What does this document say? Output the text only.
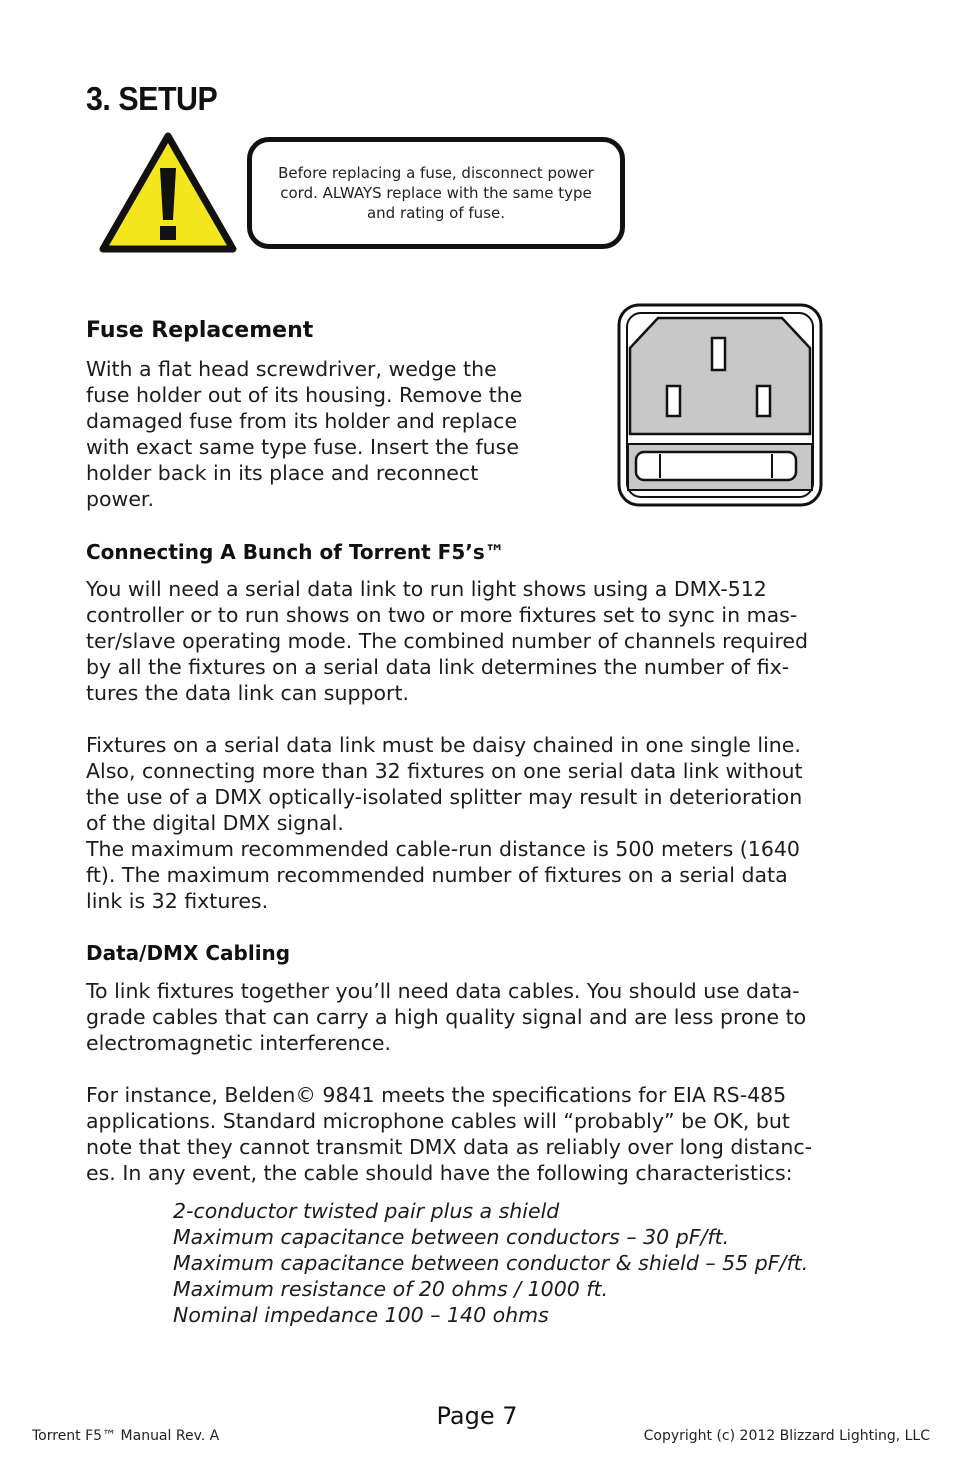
3. SETUP
Before replacing a fuse, disconnect power cord. ALWAYS replace with the same type and rating of fuse.
Fuse Replacement

With a flat head screwdriver, wedge the
fuse holder out of its housing. Remove the
damaged fuse from its holder and replace
with exact same type fuse. Insert the fuse
holder back in its place and reconnect
power.

Connecting A Bunch of Torrent F5’s™

You will need a serial data link to run light shows using a DMX-512
controller or to run shows on two or more fixtures set to sync in mas-
ter/slave operating mode. The combined number of channels required
by all the fixtures on a serial data link determines the number of fix-
tures the data link can support.

Fixtures on a serial data link must be daisy chained in one single line.
Also, connecting more than 32 fixtures on one serial data link without
the use of a DMX optically-isolated splitter may result in deterioration
of the digital DMX signal.
The maximum recommended cable-run distance is 500 meters (1640
ft). The maximum recommended number of fixtures on a serial data
link is 32 fixtures.

Data/DMX Cabling

To link fixtures together you’ll need data cables. You should use data-
grade cables that can carry a high quality signal and are less prone to
electromagnetic interference.

For instance, Belden© 9841 meets the specifications for EIA RS-485
applications. Standard microphone cables will “probably” be OK, but
note that they cannot transmit DMX data as reliably over long distanc-
es. In any event, the cable should have the following characteristics:

2-conductor twisted pair plus a shield
Maximum capacitance between conductors – 30 pF/ft.
Maximum capacitance between conductor & shield – 55 pF/ft.
Maximum resistance of 20 ohms / 1000 ft.
Nominal impedance 100 – 140 ohms
Page 7
Torrent F5™ Manual Rev. A	Copyright (c) 2012 Blizzard Lighting, LLC
